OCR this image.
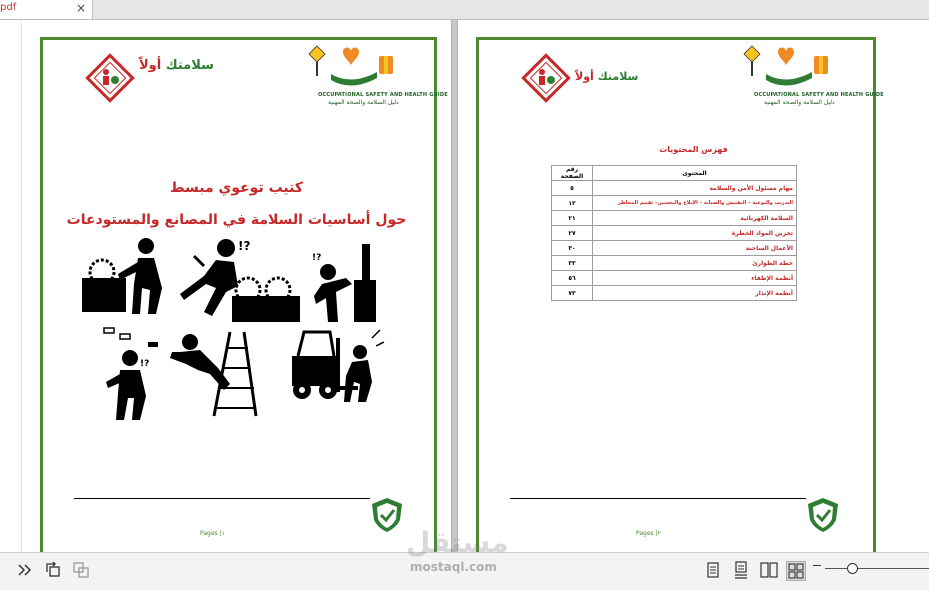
pdf	×
سلامتك أولاً
OCCUPATIONAL SAFETY AND HEALTH GUIDE
دليل السلامة والصحة المهنية
كتيب توعوي مبسط
حول أساسيات السلامة في المصانع والمستودعات
!?
!?
!?
Pages |١
سلامتك أولاً
OCCUPATIONAL SAFETY AND HEALTH GUIDE
دليل السلامة والصحة المهنية
فهرس المحتويات
رقم الصفحة	المحتوى
٥	مهام مسئول الأمن والسلامة
١٢	التدريب والتوعية – التفتيش والصيانة – الإبلاغ والتحسين– تقييم المخاطر
٢١	السلامة الكهربائية
٢٧	تخزين المواد الخطرة
٣٠	الأعمال الساخنة
٣٣	خطة الطوارئ
٥٦	أنظمة الإطفاء
٧٣	أنظمة الإنذار
Pages |٢
مستقل
mostaql.com
